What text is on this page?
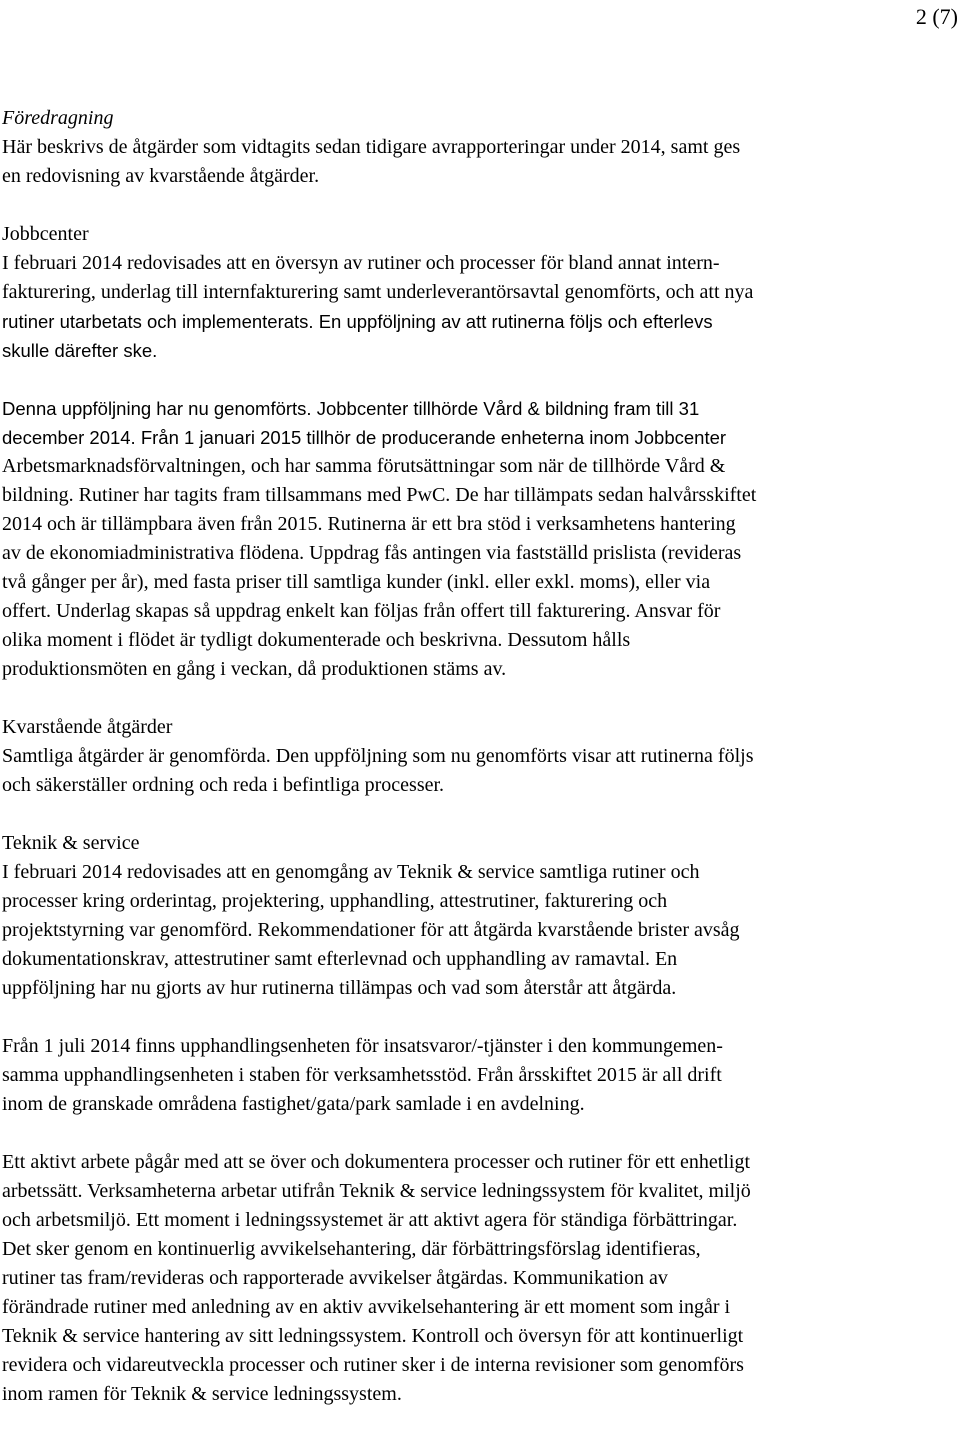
2 (7)
Föredragning

Här beskrivs de åtgärder som vidtagits sedan tidigare avrapporteringar under 2014, samt ges
en redovisning av kvarstående åtgärder.

Jobbcenter

I februari 2014 redovisades att en översyn av rutiner och processer för bland annat intern-
fakturering, underlag till internfakturering samt underleverantörsavtal genomförts, och att nya
rutiner utarbetats och implementerats. En uppföljning av att rutinerna följs och efterlevs
skulle därefter ske.

Denna uppföljning har nu genomförts. Jobbcenter tillhörde Vård & bildning fram till 31
december 2014. Från 1 januari 2015 tillhör de producerande enheterna inom Jobbcenter
Arbetsmarknadsförvaltningen, och har samma förutsättningar som när de tillhörde Vård &
bildning. Rutiner har tagits fram tillsammans med PwC. De har tillämpats sedan halvårsskiftet
2014 och är tillämpbara även från 2015. Rutinerna är ett bra stöd i verksamhetens hantering
av de ekonomiadministrativa flödena. Uppdrag fås antingen via fastställd prislista (revideras
två gånger per år), med fasta priser till samtliga kunder (inkl. eller exkl. moms), eller via
offert. Underlag skapas så uppdrag enkelt kan följas från offert till fakturering. Ansvar för
olika moment i flödet är tydligt dokumenterade och beskrivna. Dessutom hålls
produktionsmöten en gång i veckan, då produktionen stäms av.

Kvarstående åtgärder

Samtliga åtgärder är genomförda. Den uppföljning som nu genomförts visar att rutinerna följs
och säkerställer ordning och reda i befintliga processer.

Teknik & service

I februari 2014 redovisades att en genomgång av Teknik & service samtliga rutiner och
processer kring orderintag, projektering, upphandling, attestrutiner, fakturering och
projektstyrning var genomförd. Rekommendationer för att åtgärda kvarstående brister avsåg
dokumentationskrav, attestrutiner samt efterlevnad och upphandling av ramavtal. En
uppföljning har nu gjorts av hur rutinerna tillämpas och vad som återstår att åtgärda.

Från 1 juli 2014 finns upphandlingsenheten för insatsvaror/-tjänster i den kommungemen-
samma upphandlingsenheten i staben för verksamhetsstöd. Från årsskiftet 2015 är all drift
inom de granskade områdena fastighet/gata/park samlade i en avdelning.

Ett aktivt arbete pågår med att se över och dokumentera processer och rutiner för ett enhetligt
arbetssätt. Verksamheterna arbetar utifrån Teknik & service ledningssystem för kvalitet, miljö
och arbetsmiljö. Ett moment i ledningssystemet är att aktivt agera för ständiga förbättringar.
Det sker genom en kontinuerlig avvikelsehantering, där förbättringsförslag identifieras,
rutiner tas fram/revideras och rapporterade avvikelser åtgärdas. Kommunikation av
förändrade rutiner med anledning av en aktiv avvikelsehantering är ett moment som ingår i
Teknik & service hantering av sitt ledningssystem. Kontroll och översyn för att kontinuerligt
revidera och vidareutveckla processer och rutiner sker i de interna revisioner som genomförs
inom ramen för Teknik & service ledningssystem.
